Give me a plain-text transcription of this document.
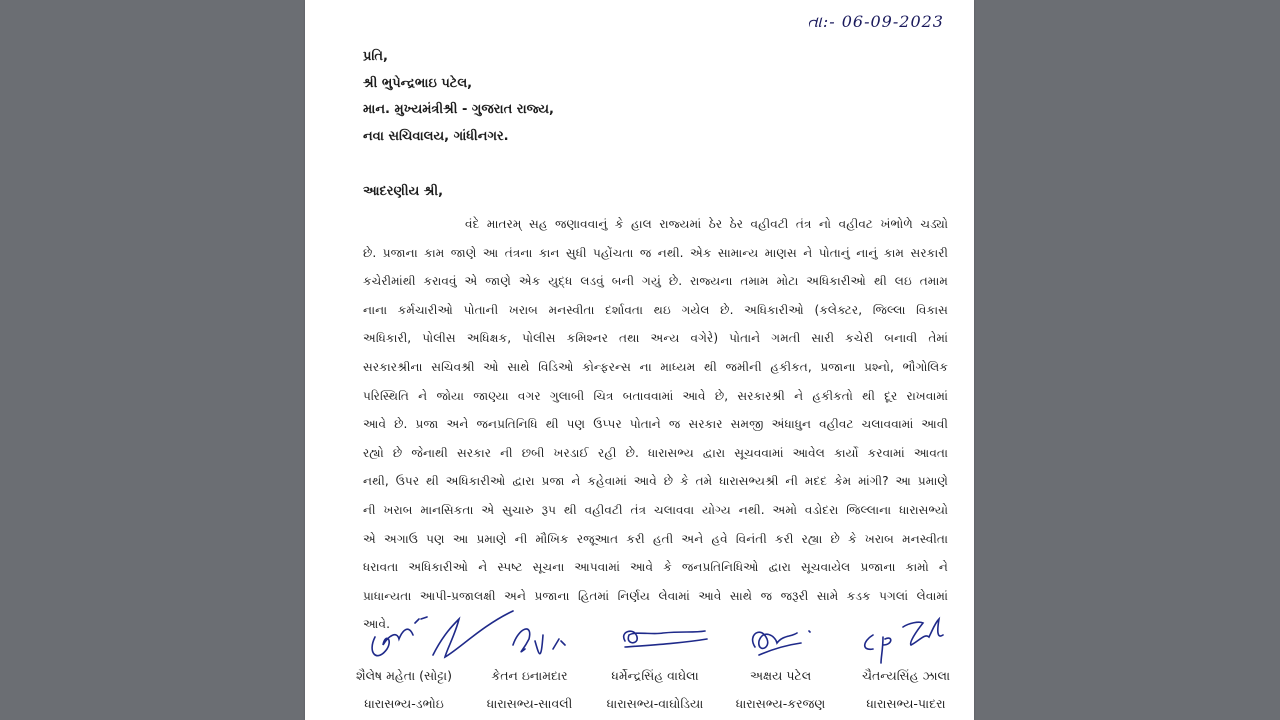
તા:- 06-09-2023
પ્રતિ,
શ્રી ભુપેન્દ્રભાઇ પટેલ,
માન. મુખ્યમંત્રીશ્રી - ગુજરાત રાજ્ય,
નવા સચિવાલય, ગાંધીનગર.
આદરણીય શ્રી,
વંદે માતરમ્ સહ જણાવવાનું કે હાલ રાજ્યમાં ઠેર ઠેર વહીવટી તંત્ર નો વહીવટ ખંભોળે ચડ્યો
છે. પ્રજાના કામ જાણે આ તંત્રના કાન સુધી પહોંચતા જ નથી. એક સામાન્ય માણસ ને પોતાનું નાનું કામ સરકારી
કચેરીમાંથી કરાવવું એ જાણે એક યુદ્ધ લડવું બની ગયું છે. રાજ્યના તમામ મોટા અધિકારીઓ થી લઇ તમામ
નાના કર્મચારીઓ પોતાની ખરાબ મનસ્વીતા દર્શાવતા થઇ ગયેલ છે. અધિકારીઓ (કલેક્ટર, જિલ્લા વિકાસ
અધિકારી, પોલીસ અધિક્ષક, પોલીસ કમિશ્નર તથા અન્ય વગેરે) પોતાને ગમતી સારી કચેરી બનાવી તેમાં
સરકારશ્રીના સચિવશ્રી ઓ સાથે વિડિઓ કોન્ફરન્સ ના માધ્યમ થી જમીની હકીકત, પ્રજાના પ્રશ્નો, ભૌગોલિક
પરિસ્થિતિ ને જોયા જાણ્યા વગર ગુલાબી ચિત્ર બતાવવામાં આવે છે, સરકારશ્રી ને હકીકતો થી દૂર રાખવામાં
આવે છે. પ્રજા અને જનપ્રતિનિધિ થી પણ ઉપ્પર પોતાને જ સરકાર સમજી અંધાધુન વહીવટ ચલાવવામાં આવી
રહ્યો છે જેનાથી સરકાર ની છબી ખરડાઈ રહી છે. ધારાસભ્ય દ્વારા સૂચવવામાં આવેલ કાર્યો કરવામાં આવતા
નથી, ઉપર થી અધિકારીઓ દ્વારા પ્રજા ને કહેવામાં આવે છે કે તમે ધારાસભ્યશ્રી ની મદદ કેમ માંગી? આ પ્રમાણે
ની ખરાબ માનસિકતા એ સુચારુ રૂપ થી વહીવટી તંત્ર ચલાવવા યોગ્ય નથી. અમો વડોદરા જિલ્લાના ધારાસભ્યો
એ અગાઉ પણ આ પ્રમાણે ની મૌખિક રજૂઆત કરી હતી અને હવે વિનંતી કરી રહ્યા છે કે ખરાબ મનસ્વીતા
ધરાવતા અધિકારીઓ ને સ્પષ્ટ સૂચના આપવામાં આવે કે જનપ્રતિનિધિઓ દ્વારા સૂચવાયેલ પ્રજાના કામો ને
પ્રાધાન્યતા આપી-પ્રજાલક્ષી અને પ્રજાના હિતમાં નિર્ણય લેવામાં આવે સાથે જ જરૂરી સામે કડક પગલાં લેવામાં
આવે.
શૈલેષ મહેતા (સોટ્ટા)
ધારાસભ્ય-ડભોઇ
કેતન ઇનામદાર
ધારાસભ્ય-સાવલી
ધર્મેન્દ્રસિંહ વાઘેલા
ધારાસભ્ય-વાઘોડિયા
અક્ષય પટેલ
ધારાસભ્ય-કરજણ
ચૈતન્યસિંહ ઝાલા
ધારાસભ્ય-પાદરા
